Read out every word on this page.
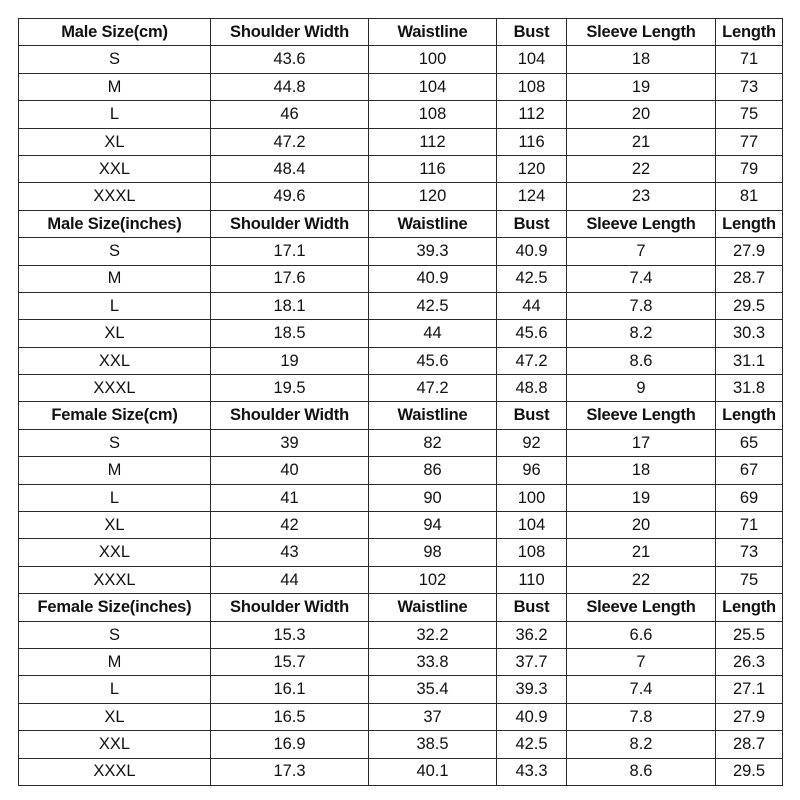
Male Size(cm)	Shoulder Width	Waistline	Bust	Sleeve Length	Length
S	43.6	100	104	18	71
M	44.8	104	108	19	73
L	46	108	112	20	75
XL	47.2	112	116	21	77
XXL	48.4	116	120	22	79
XXXL	49.6	120	124	23	81
Male Size(inches)	Shoulder Width	Waistline	Bust	Sleeve Length	Length
S	17.1	39.3	40.9	7	27.9
M	17.6	40.9	42.5	7.4	28.7
L	18.1	42.5	44	7.8	29.5
XL	18.5	44	45.6	8.2	30.3
XXL	19	45.6	47.2	8.6	31.1
XXXL	19.5	47.2	48.8	9	31.8
Female Size(cm)	Shoulder Width	Waistline	Bust	Sleeve Length	Length
S	39	82	92	17	65
M	40	86	96	18	67
L	41	90	100	19	69
XL	42	94	104	20	71
XXL	43	98	108	21	73
XXXL	44	102	110	22	75
Female Size(inches)	Shoulder Width	Waistline	Bust	Sleeve Length	Length
S	15.3	32.2	36.2	6.6	25.5
M	15.7	33.8	37.7	7	26.3
L	16.1	35.4	39.3	7.4	27.1
XL	16.5	37	40.9	7.8	27.9
XXL	16.9	38.5	42.5	8.2	28.7
XXXL	17.3	40.1	43.3	8.6	29.5
